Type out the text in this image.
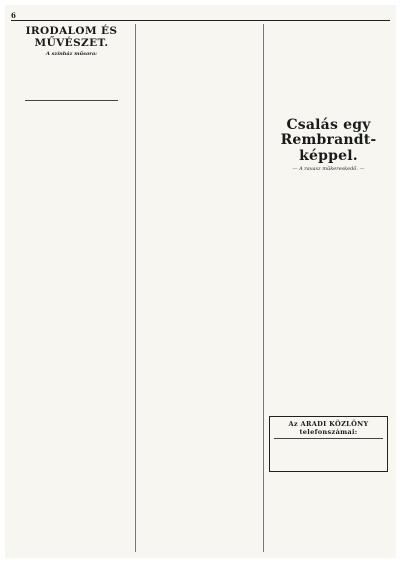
6
IRODALOM ÉS MŰVÉSZET.
A színház műsora:
Csalás egy Rembrandt-képpel.
— A ravasz műkereskedő. —
Az ARADI KÖZLÖNY telefonszámai:
